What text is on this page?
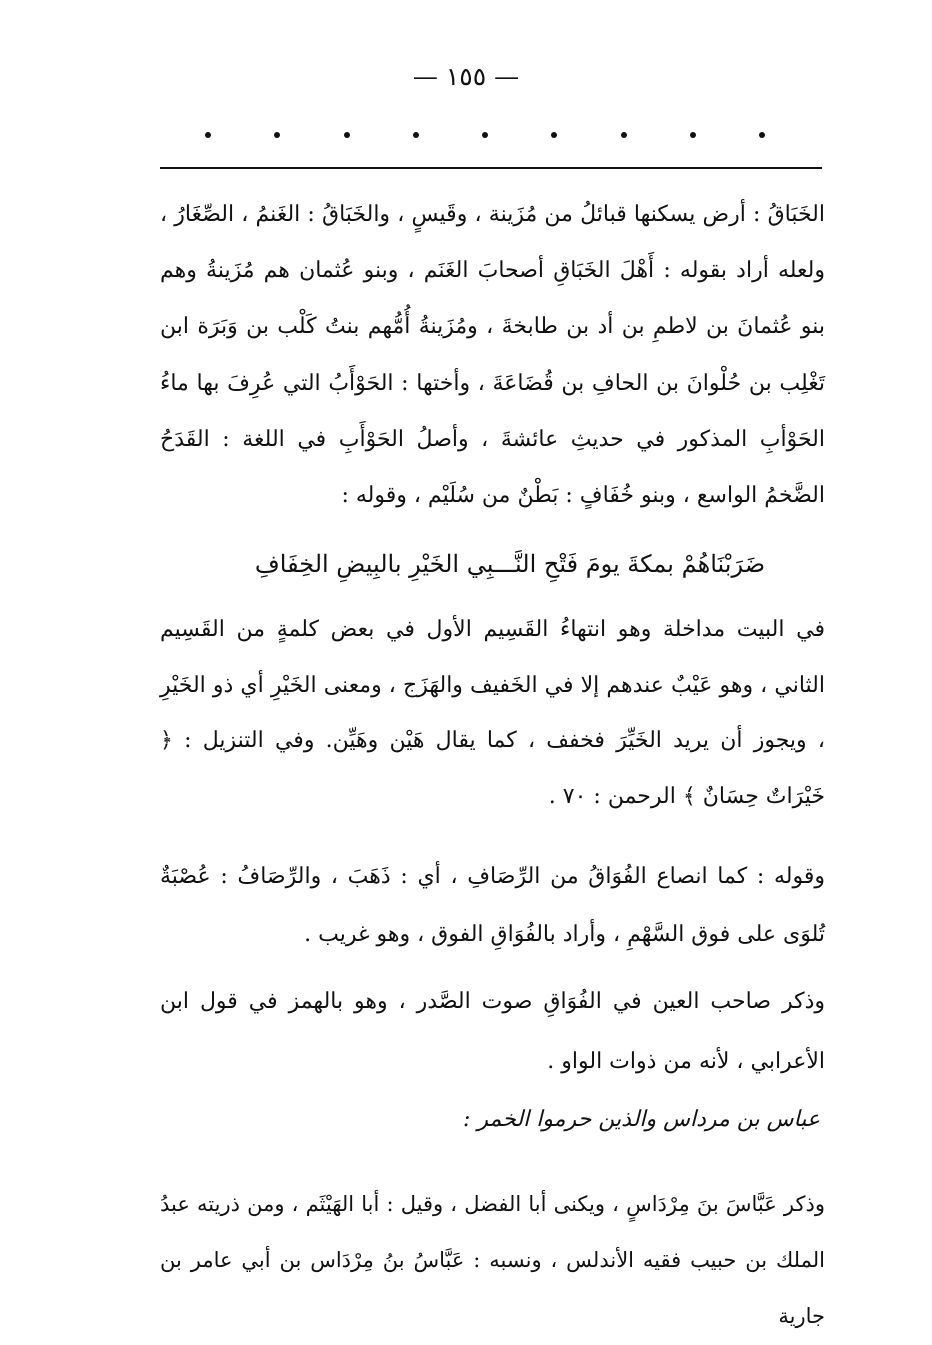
— ١٥٥ —

الخَبَاقُ : أرض يسكنها قبائلُ من مُزَينة ، وقَيسٍ ، والخَبَاقُ : الغَنمُ ، الصِّغَارُ ، ولعله أراد بقوله : أَهْلَ الخَبَاقِ أصحابَ الغَنَم ، وبنو عُثمان هم مُزَينةُ وهم بنو عُثمانَ بن لاطمِ بن أد بن طابخةَ ، ومُزَينةُ أُمُّهم بنتُ كَلْب بن وَبَرَة ابن تَغْلِب بن حُلْوانَ بن الحافِ بن قُضَاعَةَ ، وأختها : الحَوْأَبُ التي عُرِفَ بها ماءُ الحَوْأبِ المذكور في حديثِ عائشةَ ، وأصلُ الحَوْأَبِ في اللغة : القَدَحُ الضَّخمُ الواسع ، وبنو خُفَافٍ : بَطْنٌ من سُلَيْم ، وقوله :

ضَرَبْنَاهُمْ بمكةَ يومَ فَتْحِ النَّـــبِي الخَيْرِ بالبِيضِ الخِفَافِ

في البيت مداخلة وهو انتهاءُ القَسِيم الأول في بعض كلمةٍ من القَسِيم الثاني ، وهو عَيْبٌ عندهم إلا في الخَفيف والهَزَج ، ومعنى الخَيْرِ أي ذو الخَيْرِ ، ويجوز أن يريد الخَيِّرَ فخفف ، كما يقال هَيْن وهَيِّن. وفي التنزيل : ﴿ خَيْرَاتٌ حِسَانٌ ﴾ الرحمن : ٧٠ .

وقوله : كما انصاع الفُوَاقُ من الرِّصَافِ ، أي : ذَهَبَ ، والرِّصَافُ : عُصْبَةٌ تُلوَى على فوق السَّهْمِ ، وأراد بالفُوَاقِ الفوق ، وهو غريب .

وذكر صاحب العين في الفُوَاقِ صوت الصَّدر ، وهو بالهمز في قول ابن الأعرابي ، لأنه من ذوات الواو .

عباس بن مرداس والذين حرموا الخمر :

وذكر عَبَّاسَ بنَ مِرْدَاسٍ ، ويكنى أبا الفضل ، وقيل : أبا الهَيْثَم ، ومن ذريته عبدُ الملك بن حبيب فقيه الأندلس ، ونسبه : عَبَّاسُ بنُ مِرْدَاس بن أبي عامر بن جارية
